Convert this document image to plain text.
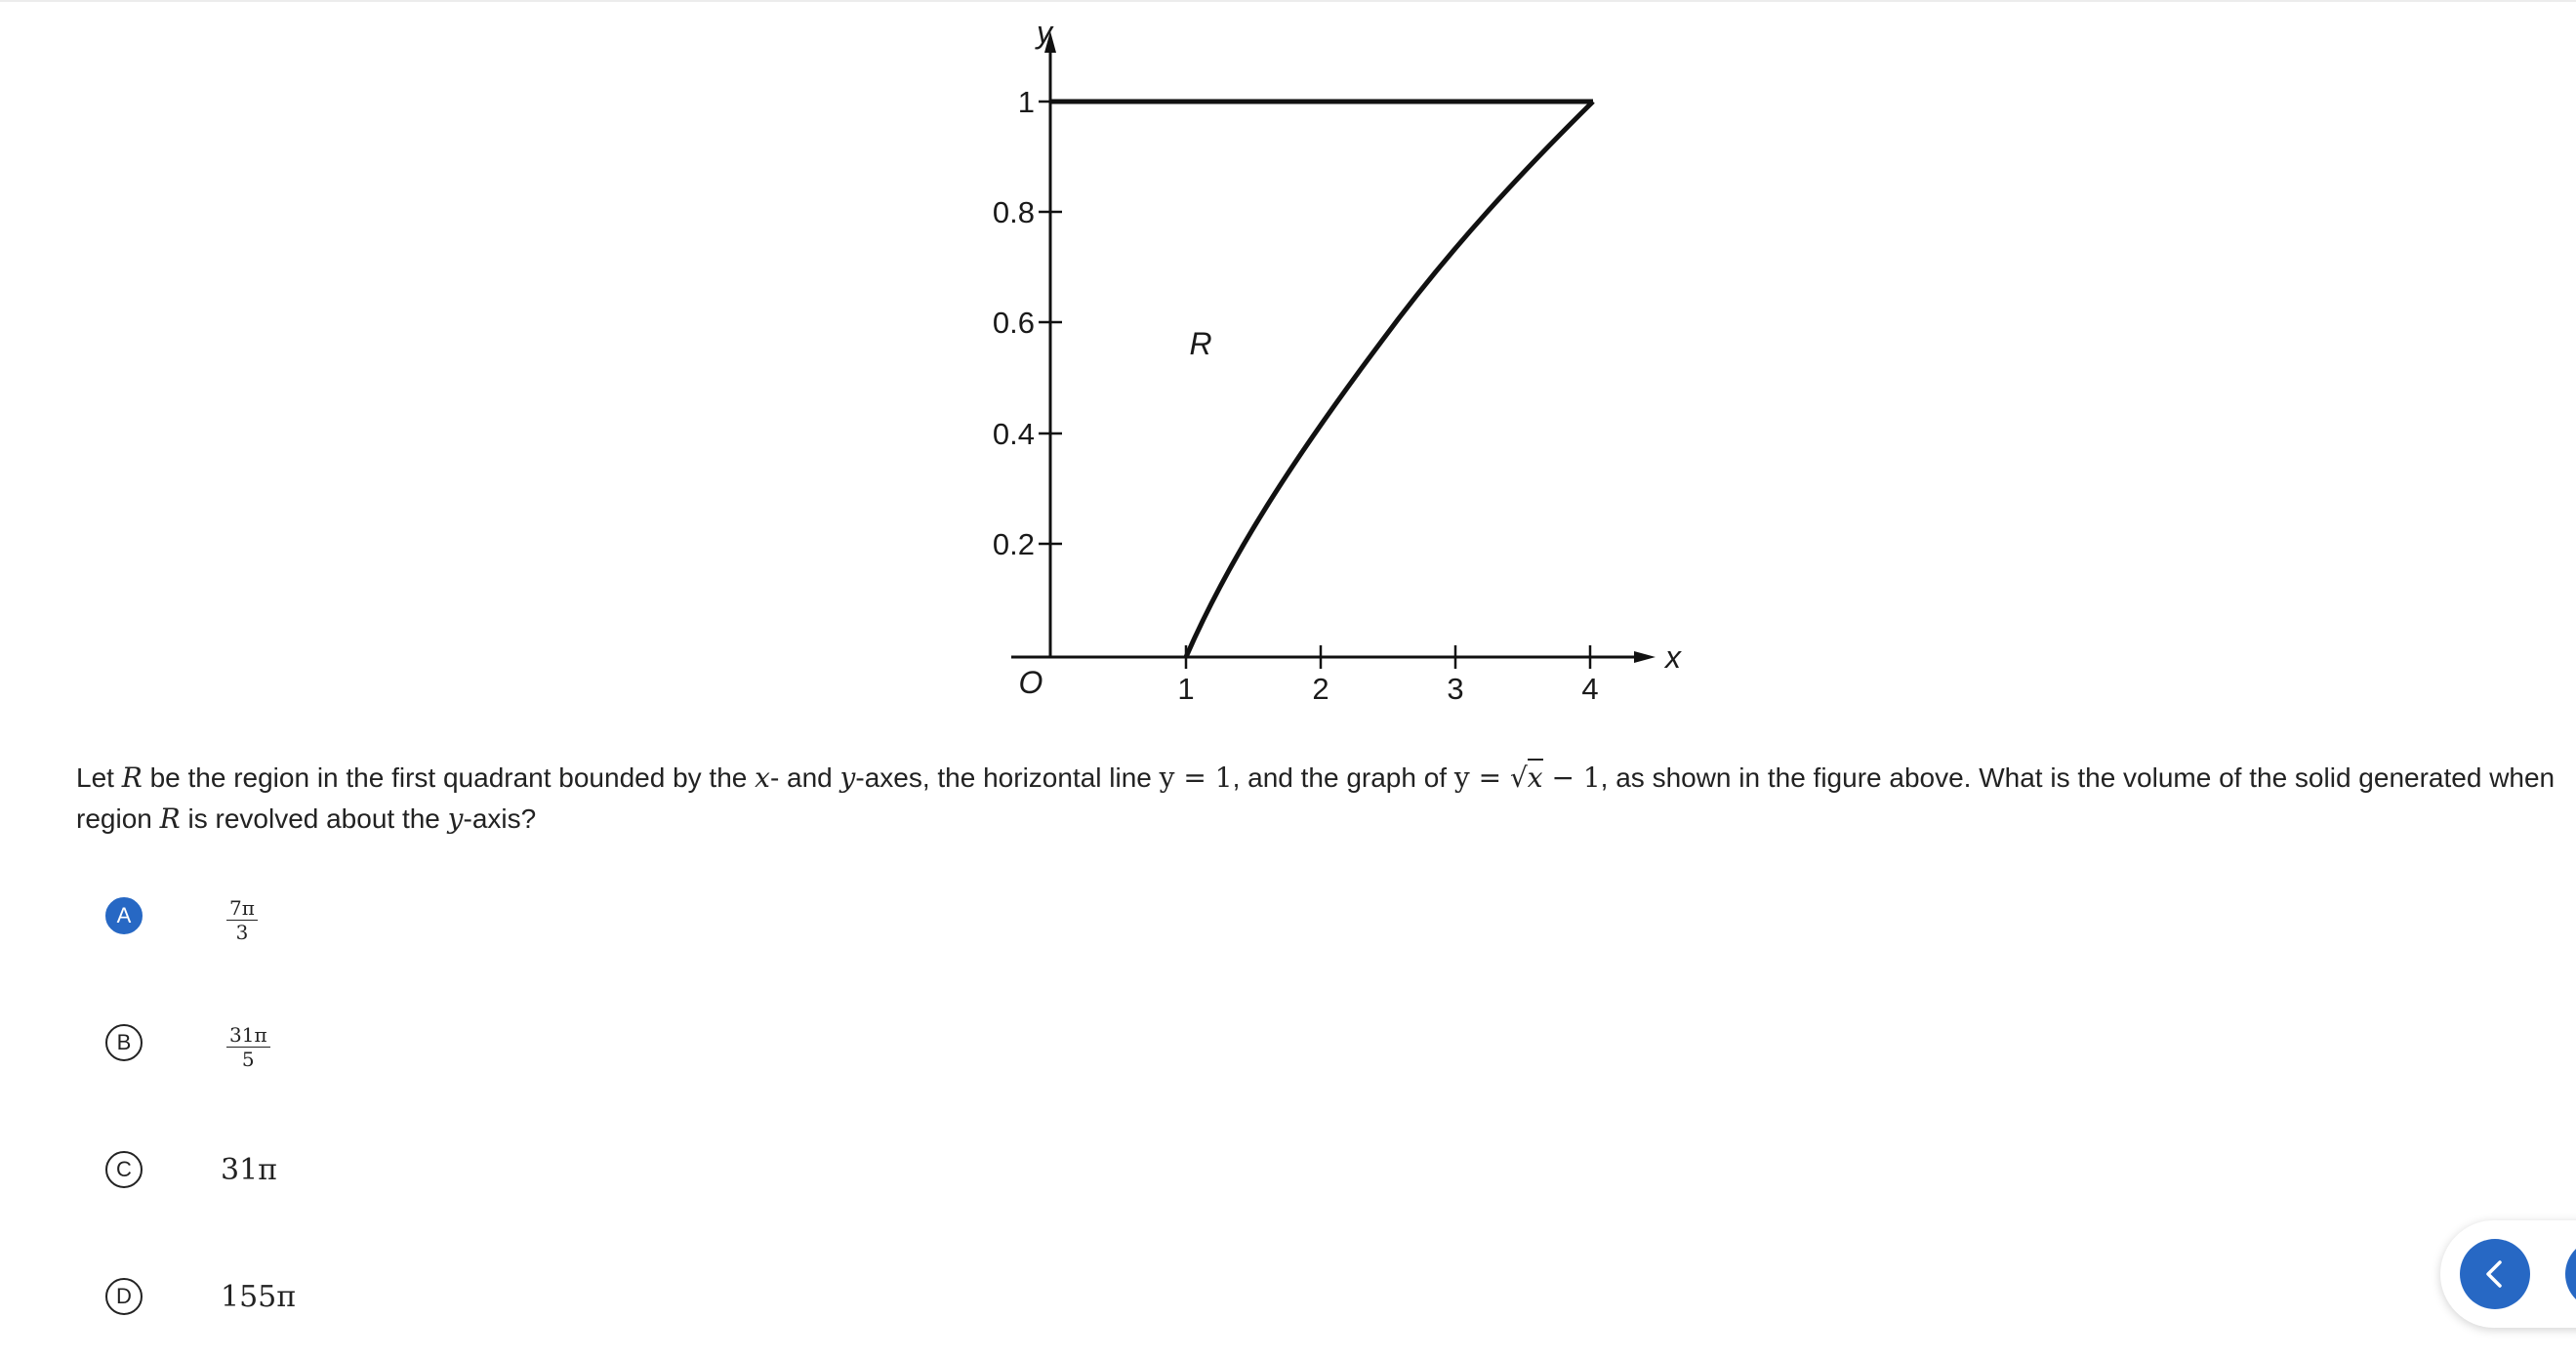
y
x
O
R
1
0.8
0.6
0.4
0.2
1	2	3	4
Let R be the region in the first quadrant bounded by the x- and y-axes, the horizontal line y = 1, and the graph of y = √x − 1, as shown in the figure above. What is the volume of the solid generated when region R is revolved about the y-axis?
A	$\frac{7\pi}{3}$
B	$\frac{31\pi}{5}$
C	31π
D	155π
